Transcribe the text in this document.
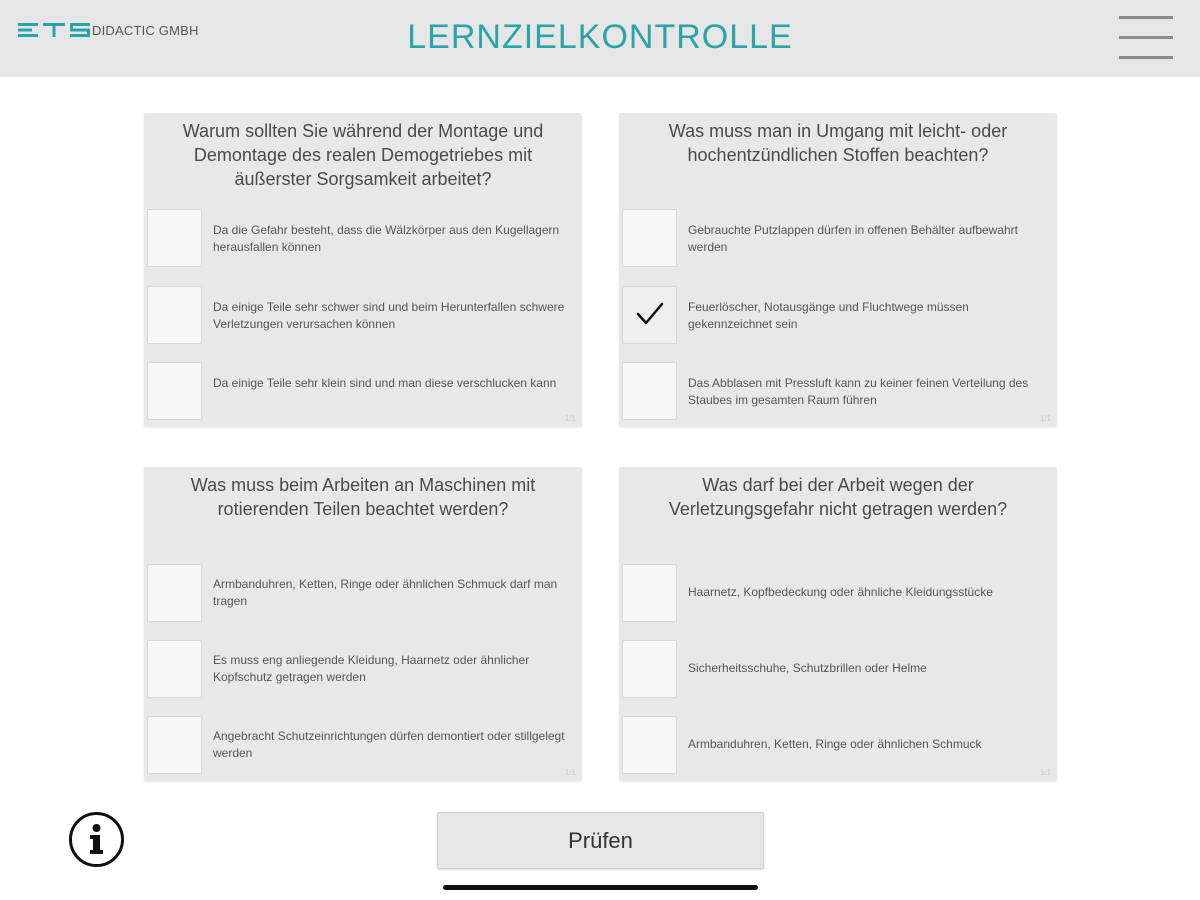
DIDACTIC GMBH	LERNZIELKONTROLLE
Warum sollten Sie während der Montage und Demontage des realen Demogetriebes mit äußerster Sorgsamkeit arbeitet?
Da die Gefahr besteht, dass die Wälzkörper aus den Kugellagern herausfallen können
Da einige Teile sehr schwer sind und beim Herunterfallen schwere Verletzungen verursachen können
Da einige Teile sehr klein sind und man diese verschlucken kann
1/1
Was muss man in Umgang mit leicht- oder hochentzündlichen Stoffen beachten?
Gebrauchte Putzlappen dürfen in offenen Behälter aufbewahrt werden
Feuerlöscher, Notausgänge und Fluchtwege müssen gekennzeichnet sein
Das Abblasen mit Pressluft kann zu keiner feinen Verteilung des Staubes im gesamten Raum führen
1/1
Was muss beim Arbeiten an Maschinen mit rotierenden Teilen beachtet werden?
Armbanduhren, Ketten, Ringe oder ähnlichen Schmuck darf man tragen
Es muss eng anliegende Kleidung, Haarnetz oder ähnlicher Kopfschutz getragen werden
Angebracht Schutzeinrichtungen dürfen demontiert oder stillgelegt werden
1/1
Was darf bei der Arbeit wegen der Verletzungsgefahr nicht getragen werden?
Haarnetz, Kopfbedeckung oder ähnliche Kleidungsstücke
Sicherheitsschuhe, Schutzbrillen oder Helme
Armbanduhren, Ketten, Ringe oder ähnlichen Schmuck
1/1
Prüfen
